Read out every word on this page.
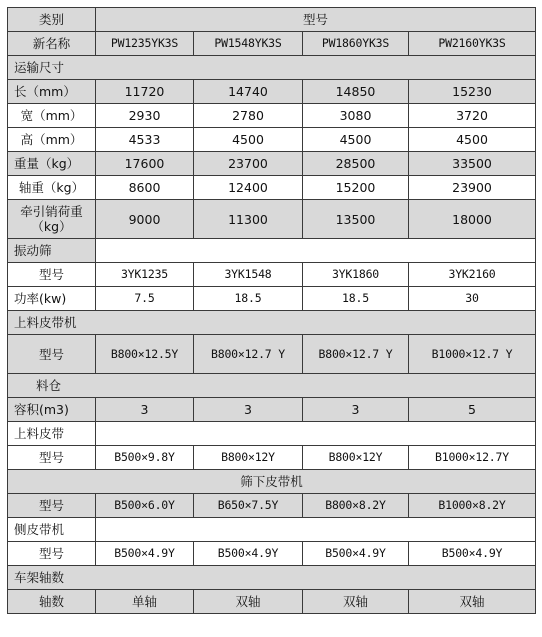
类别	型号			
新名称	PW1235YK3S	PW1548YK3S	PW1860YK3S	PW2160YK3S
运输尺寸				
长（mm）	11720	14740	14850	15230
宽（mm）	2930	2780	3080	3720
高（mm）	4533	4500	4500	4500
重量（kg）	17600	23700	28500	33500
轴重（kg）	8600	12400	15200	23900
牵引销荷重（kg）	9000	11300	13500	18000
振动筛				
型号	3YK1235	3YK1548	3YK1860	3YK2160
功率(kw)	7.5	18.5	18.5	30
上料皮带机				
型号	B800×12.5Y	B800×12.7 Y	B800×12.7 Y	B1000×12.7 Y
料仓				
容积(m3)	3	3	3	5
上料皮带				
型号	B500×9.8Y	B800×12Y	B800×12Y	B1000×12.7Y
筛下皮带机				
型号	B500×6.0Y	B650×7.5Y	B800×8.2Y	B1000×8.2Y
侧皮带机				
型号	B500×4.9Y	B500×4.9Y	B500×4.9Y	B500×4.9Y
车架轴数				
轴数	单轴	双轴	双轴	双轴
